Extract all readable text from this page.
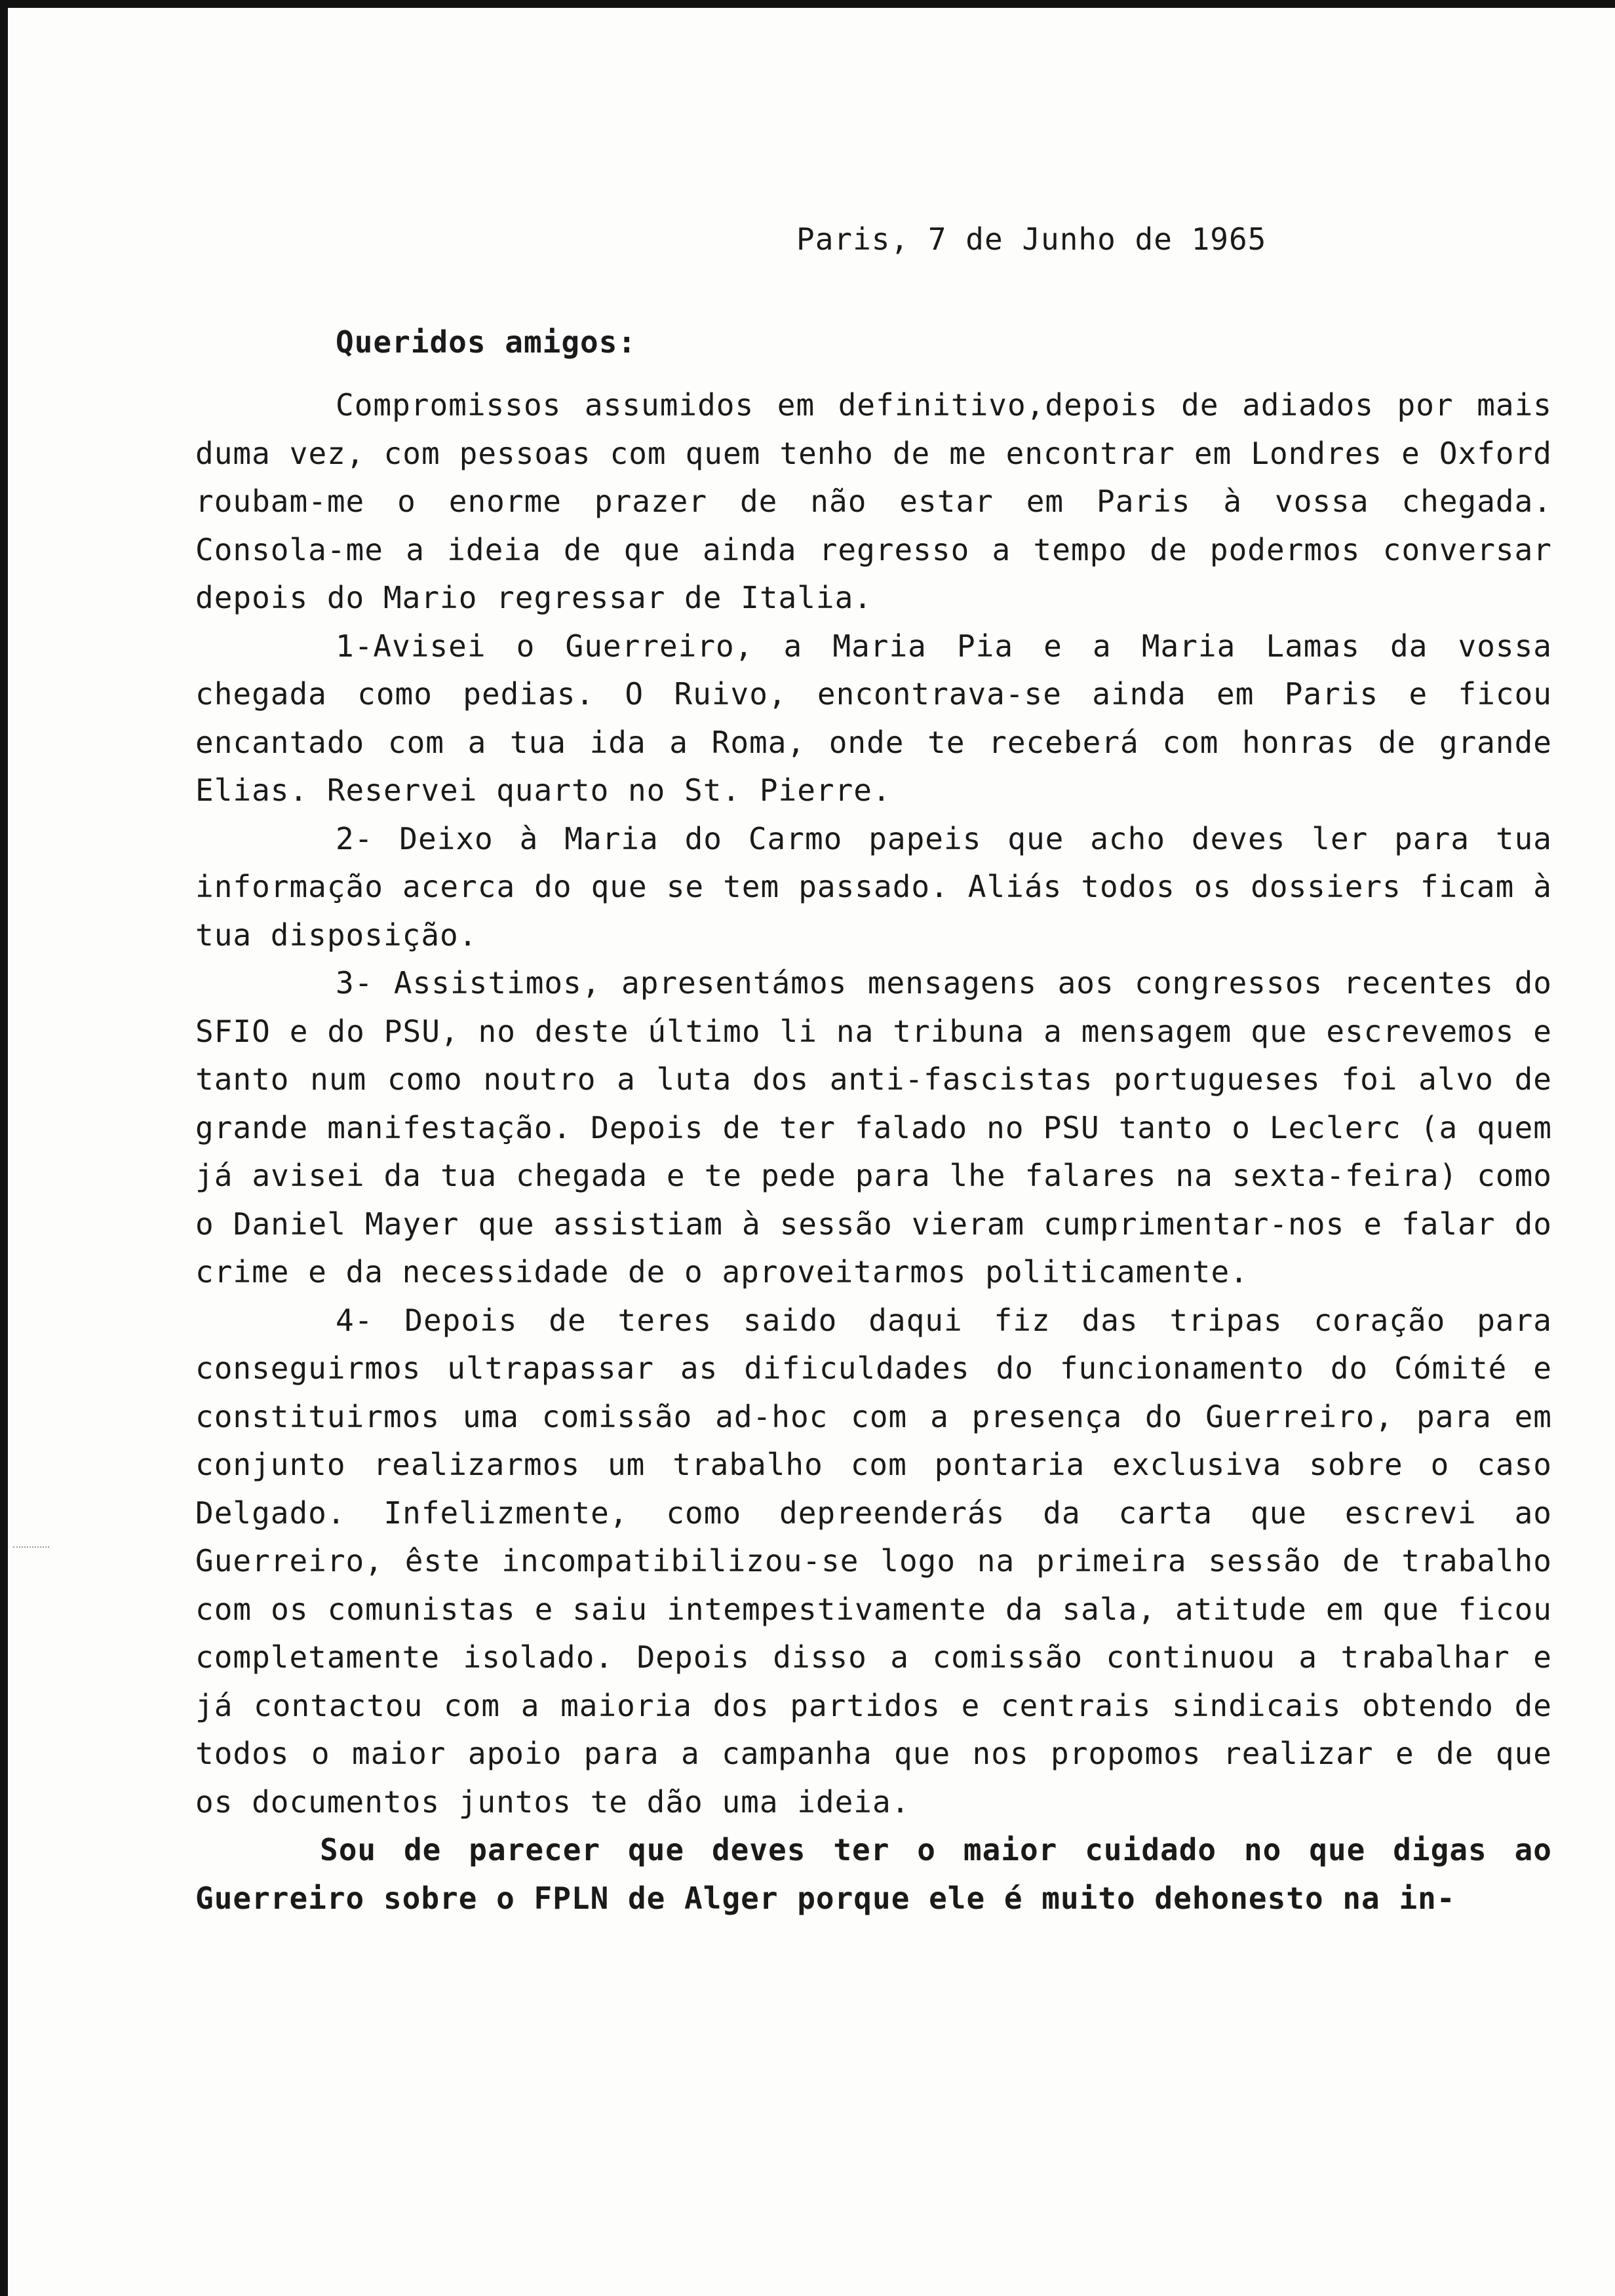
Paris, 7 de Junho de 1965
Queridos amigos:

Compromissos assumidos em definitivo,depois de adiados por mais duma vez, com pessoas com quem tenho de me encontrar em Londres e Oxford roubam-me o enorme prazer de não estar em Paris à vossa chegada. Consola-me a ideia de que ainda regresso a tempo de podermos conversar depois do Mario regressar de Italia.

1-Avisei o Guerreiro, a Maria Pia e a Maria Lamas da vossa chegada como pedias. O Ruivo, encontrava-se ainda em Paris e ficou encantado com a tua ida a Roma, onde te receberá com honras de grande Elias. Reservei quarto no St. Pierre.

2- Deixo à Maria do Carmo papeis que acho deves ler para tua informação acerca do que se tem passado. Aliás todos os dossiers ficam à tua disposição.

3- Assistimos, apresentámos mensagens aos congressos recentes do SFIO e do PSU, no deste último li na tribuna a mensagem que escrevemos e tanto num como noutro a luta dos anti-fascistas portugueses foi alvo de grande manifestação. Depois de ter falado no PSU tanto o Leclerc (a quem já avisei da tua chegada e te pede para lhe falares na sexta-feira) como o Daniel Mayer que assistiam à sessão vieram cumprimentar-nos e falar do crime e da necessidade de o aproveitarmos politicamente.

4- Depois de teres saido daqui fiz das tripas coração para conseguirmos ultrapassar as dificuldades do funcionamento do Cómité e constituirmos uma comissão ad-hoc com a presença do Guerreiro, para em conjunto realizarmos um trabalho com pontaria exclusiva sobre o caso Delgado. Infelizmente, como depreenderás da carta que escrevi ao Guerreiro, êste incompatibilizou-se logo na primeira sessão de trabalho com os comunistas e saiu intempestivamente da sala, atitude em que ficou completamente isolado. Depois disso a comissão continuou a trabalhar e já contactou com a maioria dos partidos e centrais sindicais obtendo de todos o maior apoio para a campanha que nos propomos realizar e de que os documentos juntos te dão uma ideia.

Sou de parecer que deves ter o maior cuidado no que digas ao Guerreiro sobre o FPLN de Alger porque ele é muito dehonesto na in-
